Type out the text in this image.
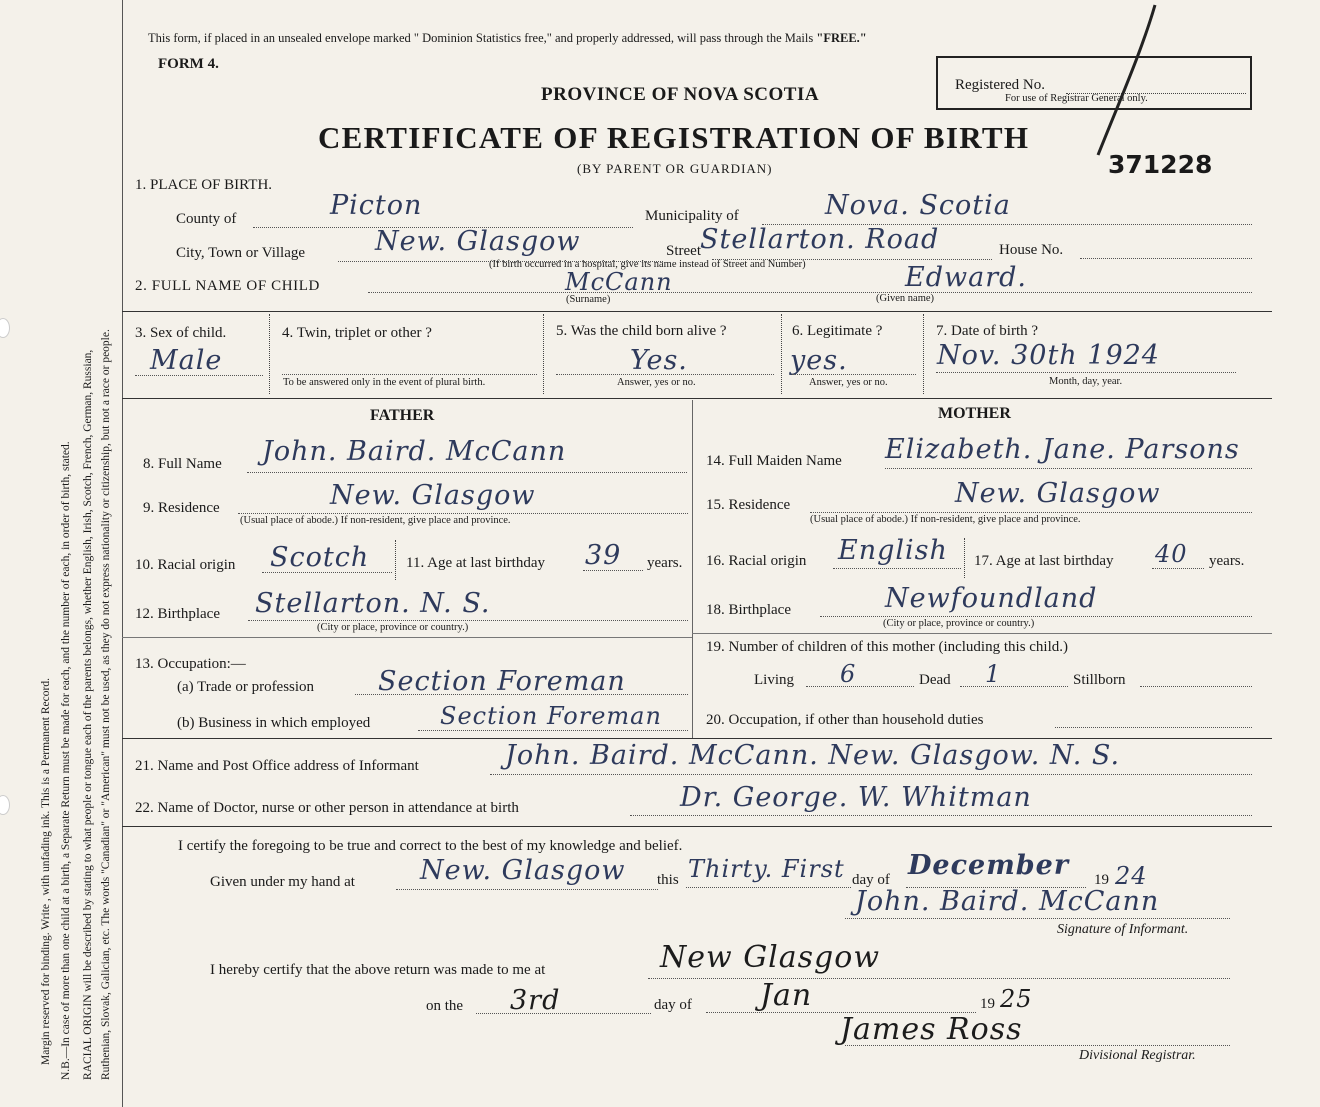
Margin reserved for binding. Write , with unfading ink. This is a Permanent Record. N.B.—In case of more than one child at a birth, a Separate Return must be made for each, and the number of each, in order of birth, stated. RACIAL ORIGIN will be described by stating to what people or tongue each of the parents belongs, whether English, Irish, Scotch, French, German, Russian, Ruthenian, Slovak, Galician, etc. The words "Canadian" or "American" must not be used, as they do not express nationality or citizenship, but not a race or people.
This form, if placed in an unsealed envelope marked " Dominion Statistics free," and properly addressed, will pass through the Mails "FREE."
FORM 4.
PROVINCE OF NOVA SCOTIA
CERTIFICATE OF REGISTRATION OF BIRTH
(BY PARENT OR GUARDIAN)
Registered No.
For use of Registrar General only.
371228
1. PLACE OF BIRTH.
County of	Picton	Municipality of	Nova. Scotia
City, Town or Village	New. Glasgow	Street Stellarton. Road	House No.
(If birth occurred in a hospital, give its name instead of Street and Number)
2. FULL NAME OF CHILD	McCann	Edward.
(Surname)	(Given name)
3. Sex of child.
Male
4. Twin, triplet or other ?
To be answered only in the event of plural birth.
5. Was the child born alive ?
Yes.
Answer, yes or no.
6. Legitimate ?
yes.
Answer, yes or no.
7. Date of birth ?
Nov. 30th 1924
Month, day, year.
FATHER
8. Full Name John. Baird. McCann
9. Residence	New. Glasgow
(Usual place of abode.) If non-resident, give place and province.
10. Racial origin Scotch 11. Age at last birthday 39 years.
12. Birthplace Stellarton. N. S.
(City or place, province or country.)
13. Occupation:—
(a) Trade or profession Section Foreman
(b) Business in which employed	Section Foreman
MOTHER
14. Full Maiden Name Elizabeth. Jane. Parsons
15. Residence	New. Glasgow
(Usual place of abode.) If non-resident, give place and province.
16. Racial origin English 17. Age at last birthday 40 years.
18. Birthplace	Newfoundland
(City or place, province or country.)
19. Number of children of this mother (including this child.)
Living 6	Dead 1	Stillborn
20. Occupation, if other than household duties
21. Name and Post Office address of Informant	John. Baird. McCann. New. Glasgow. N. S.
22. Name of Doctor, nurse or other person in attendance at birth	Dr. George. W. Whitman
I certify the foregoing to be true and correct to the best of my knowledge and belief.
Given under my hand at New. Glasgow this Thirty. First day of December 19 24
John. Baird. McCann
Signature of Informant.
I hereby certify that the above return was made to me at	New Glasgow
on the 3rd	day of Jan	19 25
James Ross
Divisional Registrar.
